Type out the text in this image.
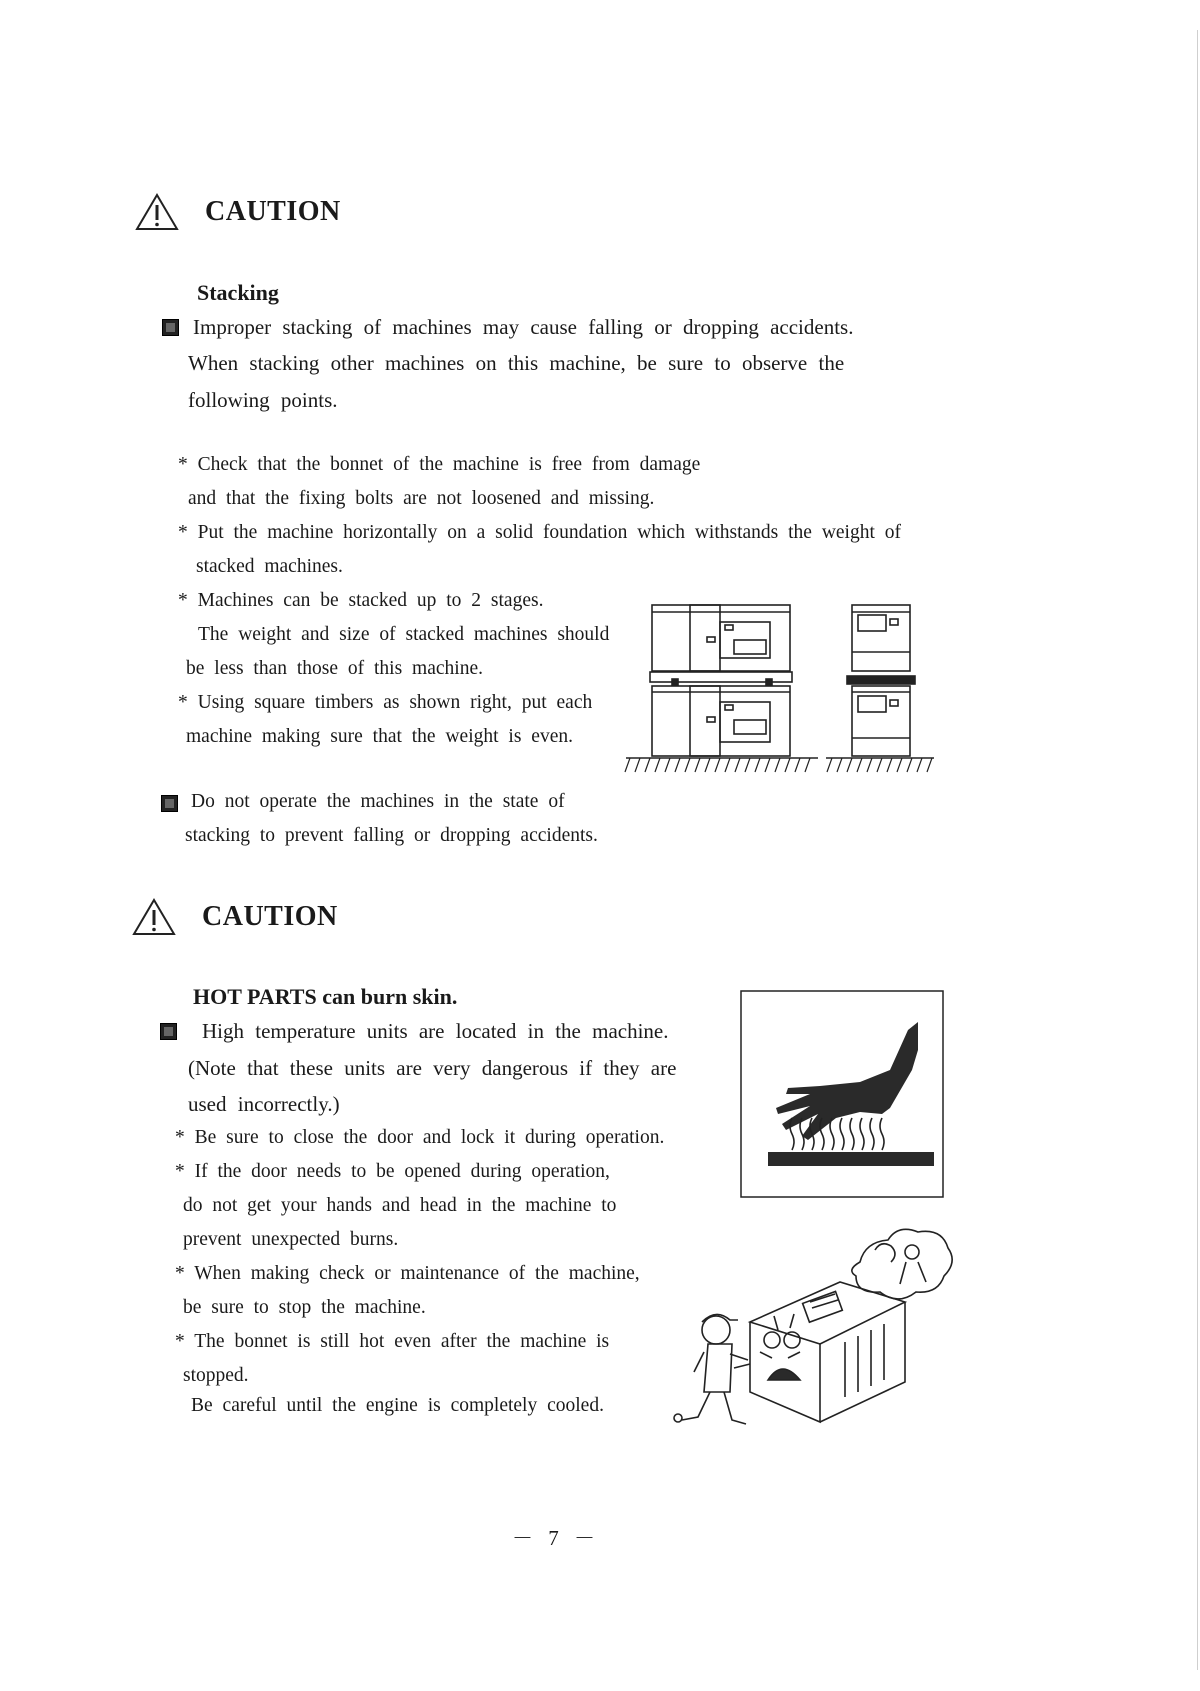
CAUTION
Stacking
Improper stacking of machines may cause falling or dropping accidents.
When stacking other machines on this machine, be sure to observe the
following points.
* Check that the bonnet of the machine is free from damage
and that the fixing bolts are not loosened and missing.
* Put the machine horizontally on a solid foundation which withstands the weight of
stacked machines.
* Machines can be stacked up to 2 stages.
The weight and size of stacked machines should
be less than those of this machine.
* Using square timbers as shown right, put each
machine making sure that the weight is even.
Do not operate the machines in the state of
stacking to prevent falling or dropping accidents.
CAUTION
HOT PARTS can burn skin.
High temperature units are located in the machine.
(Note that these units are very dangerous if they are
used incorrectly.)
* Be sure to close the door and lock it during operation.
* If the door needs to be opened during operation,
do not get your hands and head in the machine to
prevent unexpected burns.
* When making check or maintenance of the machine,
be sure to stop the machine.
* The bonnet is still hot even after the machine is
stopped.
Be careful until the engine is completely cooled.
－ 7 －
